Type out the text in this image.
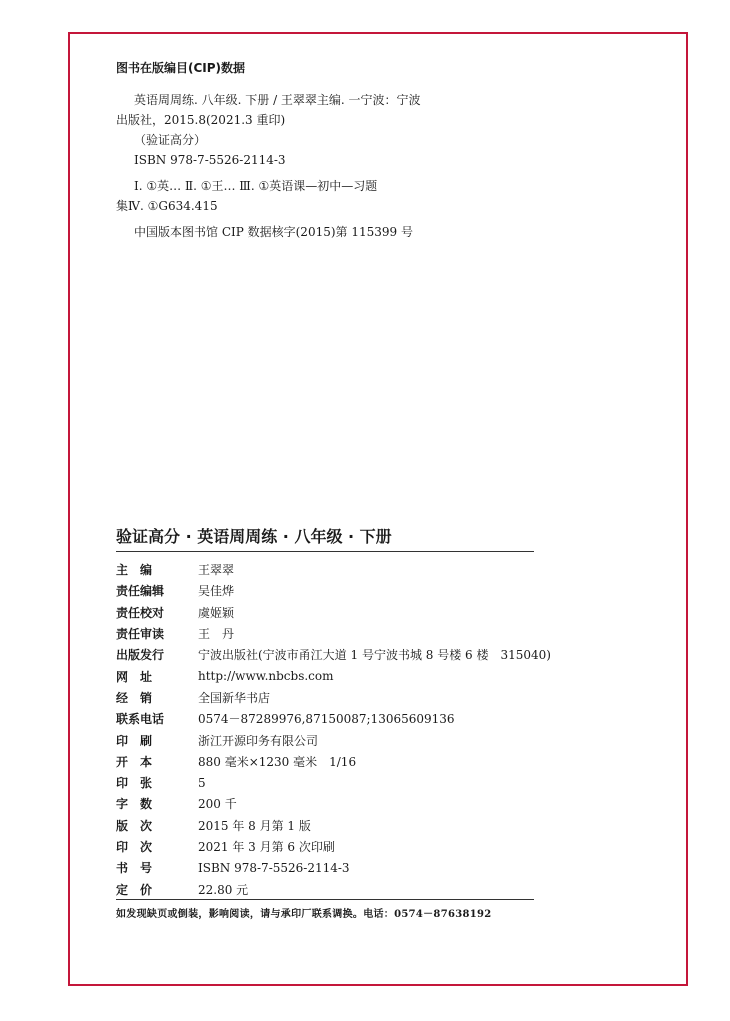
图书在版编目(CIP)数据
英语周周练. 八年级. 下册 / 王翠翠主编. 一宁波：宁波
出版社，2015.8(2021.3 重印)
（验证高分）
ISBN 978-7-5526-2114-3
Ⅰ. ①英… Ⅱ. ①王… Ⅲ. ①英语课—初中—习题
集Ⅳ. ①G634.415
中国版本图书馆 CIP 数据核字(2015)第 115399 号
验证高分 · 英语周周练 · 八年级 · 下册
主　编	王翠翠
责任编辑	吴佳烨
责任校对	虞姬颖
责任审读	王　丹
出版发行	宁波出版社(宁波市甬江大道 1 号宁波书城 8 号楼 6 楼　315040)
网　址	http://www.nbcbs.com
经　销	全国新华书店
联系电话	0574－87289976,87150087;13065609136
印　刷	浙江开源印务有限公司
开　本	880 毫米×1230 毫米　1/16
印　张	5
字　数	200 千
版　次	2015 年 8 月第 1 版
印　次	2021 年 3 月第 6 次印刷
书　号	ISBN 978-7-5526-2114-3
定　价	22.80 元
如发现缺页或倒装，影响阅读，请与承印厂联系调换。电话：0574－87638192
